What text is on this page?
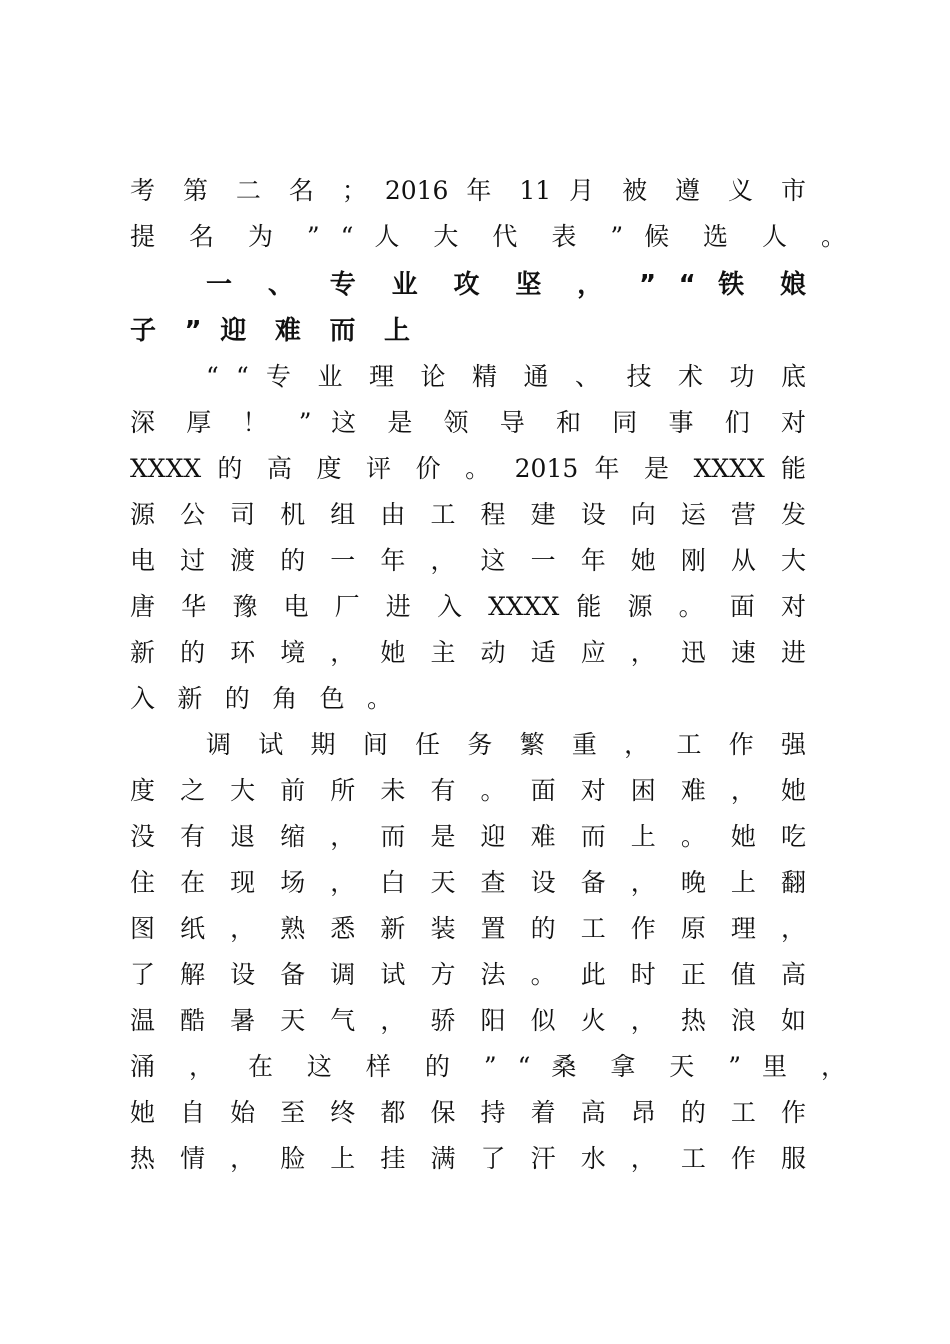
考 第 二 名 ； 2016 年 11 月 被 遵 义 市
提 名 为 ” “ 人 大 代 表 ” 候 选 人 。
一 、 专 业 攻 坚 ， ” “ 铁 娘
子 ” 迎 难 而 上
“ “ 专 业 理 论 精 通 、 技 术 功 底
深 厚 ！ ” 这 是 领 导 和 同 事 们 对
XXXX 的 高 度 评 价 。 2015 年 是 XXXX 能
源 公 司 机 组 由 工 程 建 设 向 运 营 发
电 过 渡 的 一 年 ， 这 一 年 她 刚 从 大
唐 华 豫 电 厂 进 入 XXXX 能 源 。 面 对
新 的 环 境 ， 她 主 动 适 应 ， 迅 速 进
入 新 的 角 色 。
调 试 期 间 任 务 繁 重 ， 工 作 强
度 之 大 前 所 未 有 。 面 对 困 难 ， 她
没 有 退 缩 ， 而 是 迎 难 而 上 。 她 吃
住 在 现 场 ， 白 天 查 设 备 ， 晚 上 翻
图 纸 ， 熟 悉 新 装 置 的 工 作 原 理 ，
了 解 设 备 调 试 方 法 。 此 时 正 值 高
温 酷 暑 天 气 ， 骄 阳 似 火 ， 热 浪 如
涌 ， 在 这 样 的 ” “ 桑 拿 天 ” 里 ，
她 自 始 至 终 都 保 持 着 高 昂 的 工 作
热 情 ， 脸 上 挂 满 了 汗 水 ， 工 作 服
